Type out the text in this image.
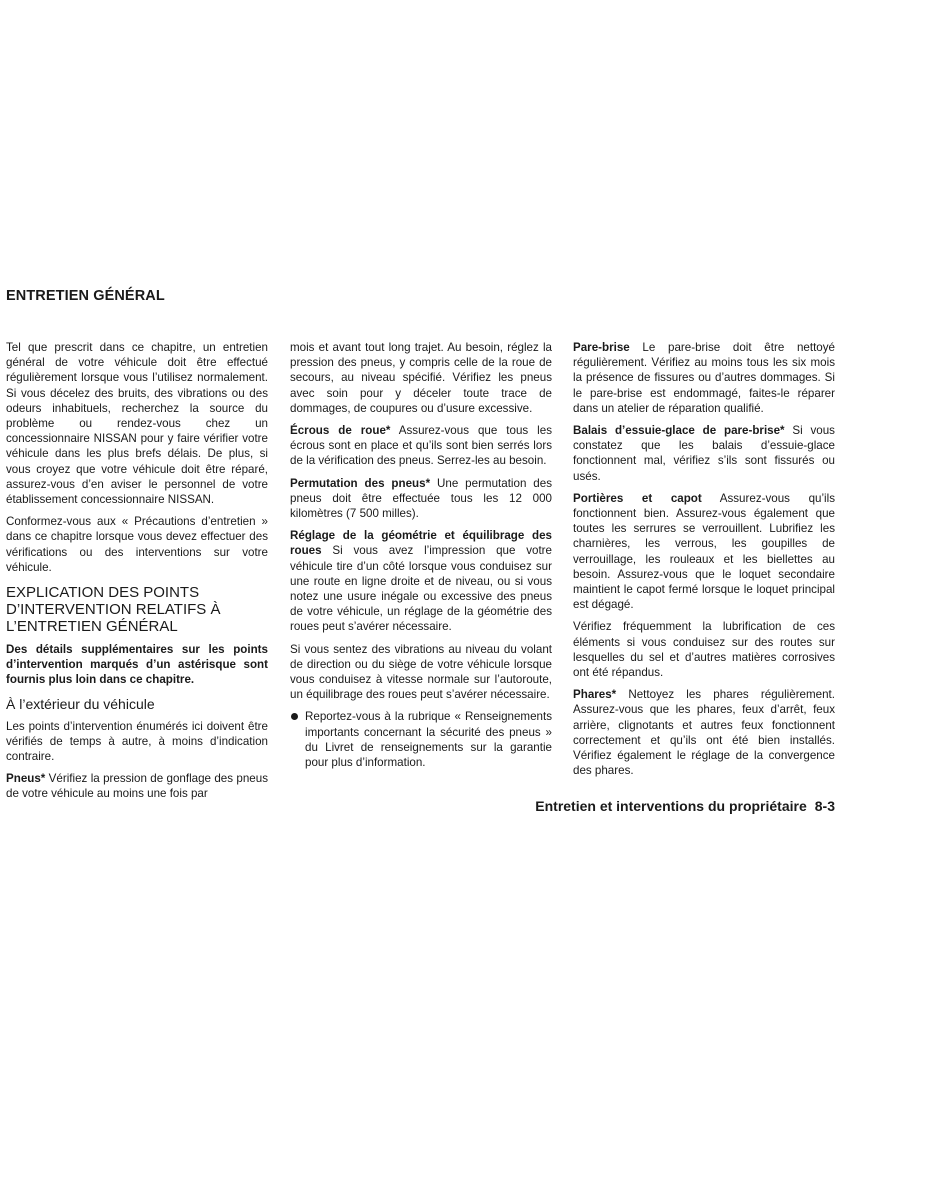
ENTRETIEN GÉNÉRAL

Tel que prescrit dans ce chapitre, un entretien général de votre véhicule doit être effectué régulièrement lorsque vous l’utilisez normalement. Si vous décelez des bruits, des vibrations ou des odeurs inhabituels, recherchez la source du problème ou rendez-vous chez un concessionnaire NISSAN pour y faire vérifier votre véhicule dans les plus brefs délais. De plus, si vous croyez que votre véhicule doit être réparé, assurez-vous d’en aviser le personnel de votre établissement concessionnaire NISSAN.

Conformez-vous aux « Précautions d’entretien » dans ce chapitre lorsque vous devez effectuer des vérifications ou des interventions sur votre véhicule.

EXPLICATION DES POINTS D’INTERVENTION RELATIFS À L’ENTRETIEN GÉNÉRAL

Des détails supplémentaires sur les points d’intervention marqués d’un astérisque sont fournis plus loin dans ce chapitre.

À l’extérieur du véhicule

Les points d’intervention énumérés ici doivent être vérifiés de temps à autre, à moins d’indication contraire.

Pneus* Vérifiez la pression de gonflage des pneus de votre véhicule au moins une fois par

mois et avant tout long trajet. Au besoin, réglez la pression des pneus, y compris celle de la roue de secours, au niveau spécifié. Vérifiez les pneus avec soin pour y déceler toute trace de dommages, de coupures ou d’usure excessive.

Écrous de roue* Assurez-vous que tous les écrous sont en place et qu’ils sont bien serrés lors de la vérification des pneus. Serrez-les au besoin.

Permutation des pneus* Une permutation des pneus doit être effectuée tous les 12 000 kilomètres (7 500 milles).

Réglage de la géométrie et équilibrage des roues Si vous avez l’impression que votre véhicule tire d’un côté lorsque vous conduisez sur une route en ligne droite et de niveau, ou si vous notez une usure inégale ou excessive des pneus de votre véhicule, un réglage de la géométrie des roues peut s’avérer nécessaire.

Si vous sentez des vibrations au niveau du volant de direction ou du siège de votre véhicule lorsque vous conduisez à vitesse normale sur l’autoroute, un équilibrage des roues peut s’avérer nécessaire.

Reportez-vous à la rubrique « Renseignements importants concernant la sécurité des pneus » du Livret de renseignements sur la garantie pour plus d’information.

Pare-brise Le pare-brise doit être nettoyé régulièrement. Vérifiez au moins tous les six mois la présence de fissures ou d’autres dommages. Si le pare-brise est endommagé, faites-le réparer dans un atelier de réparation qualifié.

Balais d’essuie-glace de pare-brise* Si vous constatez que les balais d’essuie-glace fonctionnent mal, vérifiez s’ils sont fissurés ou usés.

Portières et capot Assurez-vous qu’ils fonctionnent bien. Assurez-vous également que toutes les serrures se verrouillent. Lubrifiez les charnières, les verrous, les goupilles de verrouillage, les rouleaux et les biellettes au besoin. Assurez-vous que le loquet secondaire maintient le capot fermé lorsque le loquet principal est dégagé.

Vérifiez fréquemment la lubrification de ces éléments si vous conduisez sur des routes sur lesquelles du sel et d’autres matières corrosives ont été répandus.

Phares* Nettoyez les phares régulièrement. Assurez-vous que les phares, feux d’arrêt, feux arrière, clignotants et autres feux fonctionnent correctement et qu’ils ont été bien installés. Vérifiez également le réglage de la convergence des phares.

Entretien et interventions du propriétaire 8-3
